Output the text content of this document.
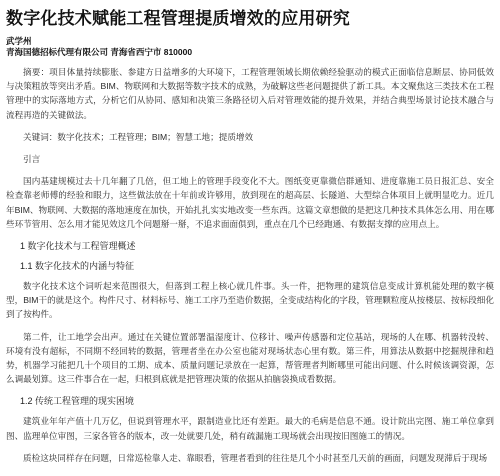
数字化技术赋能工程管理提质增效的应用研究
武学州
青海国德招标代理有限公司 青海省西宁市 810000

摘要：项目体量持续膨胀、参建方日益增多的大环境下，工程管理领域长期依赖经验驱动的模式正面临信息断层、协同低效与决策粗放等突出矛盾。BIM、物联网和大数据等数字技术的成熟，为破解这些老问题提供了新工具。本文聚焦这三类技术在工程管理中的实际落地方式，分析它们从协同、感知和决策三条路径切入后对管理效能的提升效果，并结合典型场景讨论技术融合与流程再造的关键做法。

关键词：数字化技术；工程管理；BIM；智慧工地；提质增效

引言

国内基建规模过去十几年翻了几倍，但工地上的管理手段变化不大。图纸变更靠微信群通知、进度靠施工员日报汇总、安全检查靠老师傅的经验和眼力，这些做法放在十年前或许够用，放到现在的超高层、长隧道、大型综合体项目上就明显吃力。近几年BIM、物联网、大数据的落地速度在加快，开始扎扎实实地改变一些东西。这篇文章想做的是把这几种技术具体怎么用、用在哪些环节管用、怎么用才能见效这几个问题掰一掰，不追求面面俱到，重点在几个已经跑通、有数据支撑的应用点上。

1 数字化技术与工程管理概述
1.1 数字化技术的内涵与特征

数字化技术这个词听起来范围很大，但落到工程上核心就几件事。头一件，把物理的建筑信息变成计算机能处理的数字模型，BIM干的就是这个。构件尺寸、材料标号、施工工序乃至造价数据，全变成结构化的字段，管理颗粒度从按楼层、按标段细化到了按构件。

第二件，让工地学会出声。通过在关键位置部署温湿度计、位移计、噪声传感器和定位基站，现场的人在哪、机器转没转、环境有没有超标，不同期不经回转的数据，管理者坐在办公室也能对现场状态心里有数。第三件，用算法从数据中挖掘规律和趋势，机器学习能把几十个项目的工期、成本、质量问题记录放在一起算，帮管理者判断哪里可能出问题、什么时候该调资源，怎么调最划算。这三件事合在一起，归根到底就是把管理决策的依据从拍脑袋换成看数据。

1.2 传统工程管理的现实困境

建筑业年年产值十几万亿，但说到管理水平，跟制造业比还有差距。最大的毛病是信息不通。设计院出完图、施工单位拿到图、监理单位审图，三家各管各的版本，改一处就要几处，稍有疏漏施工现场就会出现按旧图施工的情况。

质检这块同样存在问题，日常巡检靠人走、靠眼看，管理者看到的往往是几个小时甚至几天前的画面，问题发现滞后于现场
